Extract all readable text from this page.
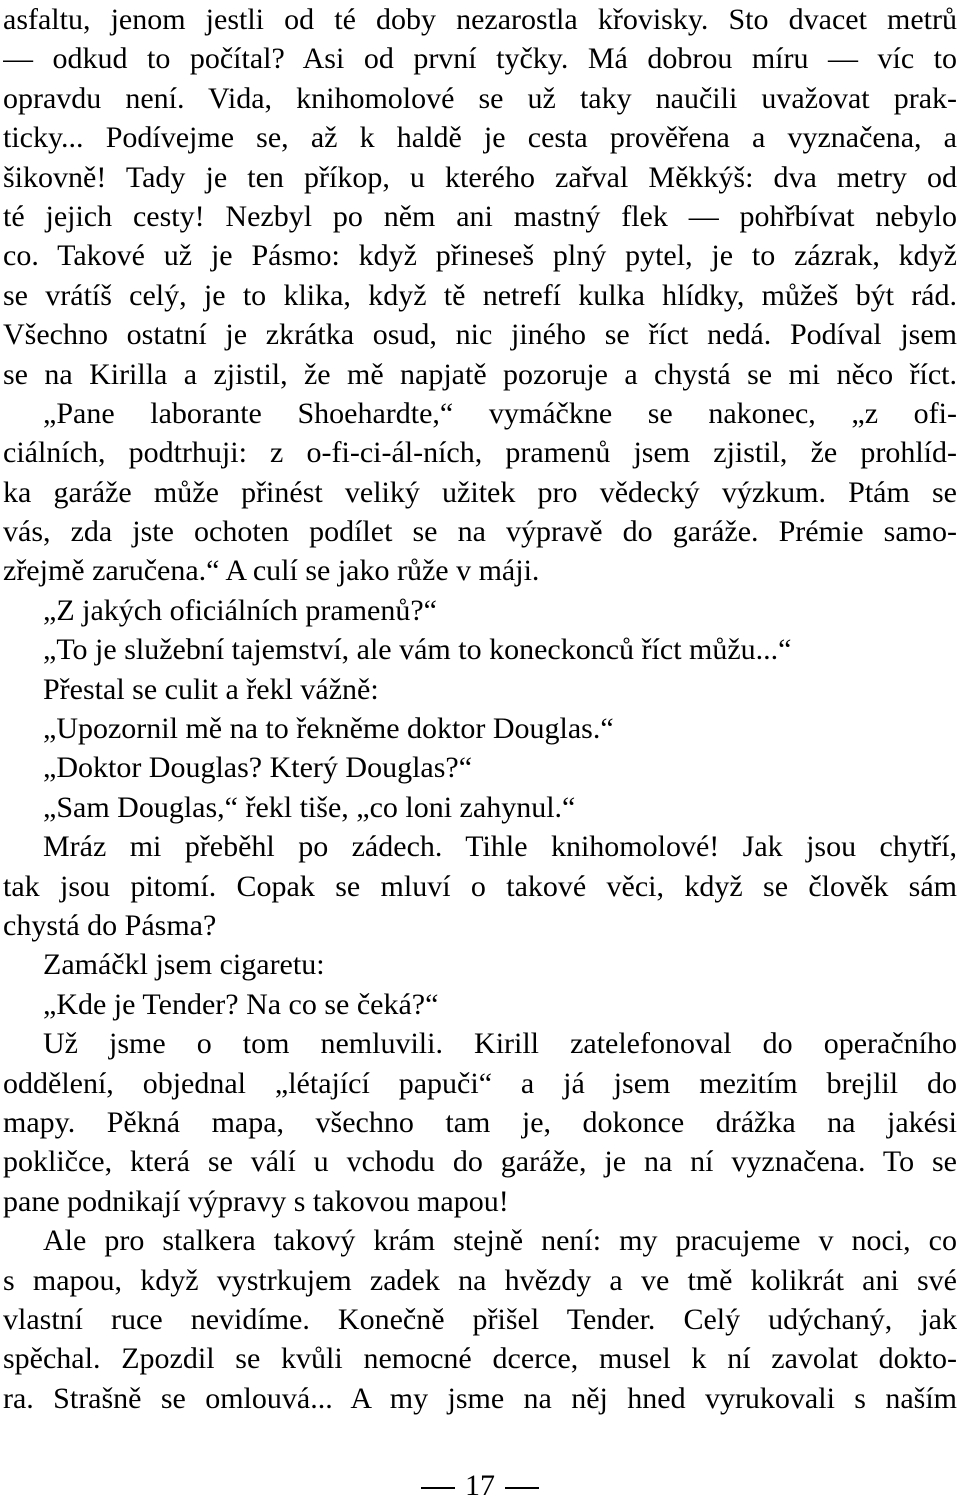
asfaltu, jenom jestli od té doby nezarostla křovisky. Sto dvacet metrů
— odkud to počítal? Asi od první tyčky. Má dobrou míru — víc to
opravdu není. Vida, knihomolové se už taky naučili uvažovat prak-
ticky... Podívejme se, až k haldě je cesta prověřena a vyznačena, a
šikovně! Tady je ten příkop, u kterého zařval Měkkýš: dva metry od
té jejich cesty! Nezbyl po něm ani mastný flek — pohřbívat nebylo
co. Takové už je Pásmo: když přineseš plný pytel, je to zázrak, když
se vrátíš celý, je to klika, když tě netrefí kulka hlídky, můžeš být rád.
Všechno ostatní je zkrátka osud, nic jiného se říct nedá. Podíval jsem
se na Kirilla a zjistil, že mě napjatě pozoruje a chystá se mi něco říct.
„Pane laborante Shoehardte,“ vymáčkne se nakonec, „z ofi-
ciálních, podtrhuji: z o-fi-ci-ál-ních, pramenů jsem zjistil, že prohlíd-
ka garáže může přinést veliký užitek pro vědecký výzkum. Ptám se
vás, zda jste ochoten podílet se na výpravě do garáže. Prémie samo-
zřejmě zaručena.“ A culí se jako růže v máji.
„Z jakých oficiálních pramenů?“
„To je služební tajemství, ale vám to koneckonců říct můžu...“
Přestal se culit a řekl vážně:
„Upozornil mě na to řekněme doktor Douglas.“
„Doktor Douglas? Který Douglas?“
„Sam Douglas,“ řekl tiše, „co loni zahynul.“
Mráz mi přeběhl po zádech. Tihle knihomolové! Jak jsou chytří,
tak jsou pitomí. Copak se mluví o takové věci, když se člověk sám
chystá do Pásma?
Zamáčkl jsem cigaretu:
„Kde je Tender? Na co se čeká?“
Už jsme o tom nemluvili. Kirill zatelefonoval do operačního
oddělení, objednal „létající papuči“ a já jsem mezitím brejlil do
mapy. Pěkná mapa, všechno tam je, dokonce drážka na jakési
pokličce, která se válí u vchodu do garáže, je na ní vyznačena. To se
pane podnikají výpravy s takovou mapou!
Ale pro stalkera takový krám stejně není: my pracujeme v noci, co
s mapou, když vystrkujem zadek na hvězdy a ve tmě kolikrát ani své
vlastní ruce nevidíme. Konečně přišel Tender. Celý udýchaný, jak
spěchal. Zpozdil se kvůli nemocné dcerce, musel k ní zavolat dokto-
ra. Strašně se omlouvá... A my jsme na něj hned vyrukovali s naším
17
